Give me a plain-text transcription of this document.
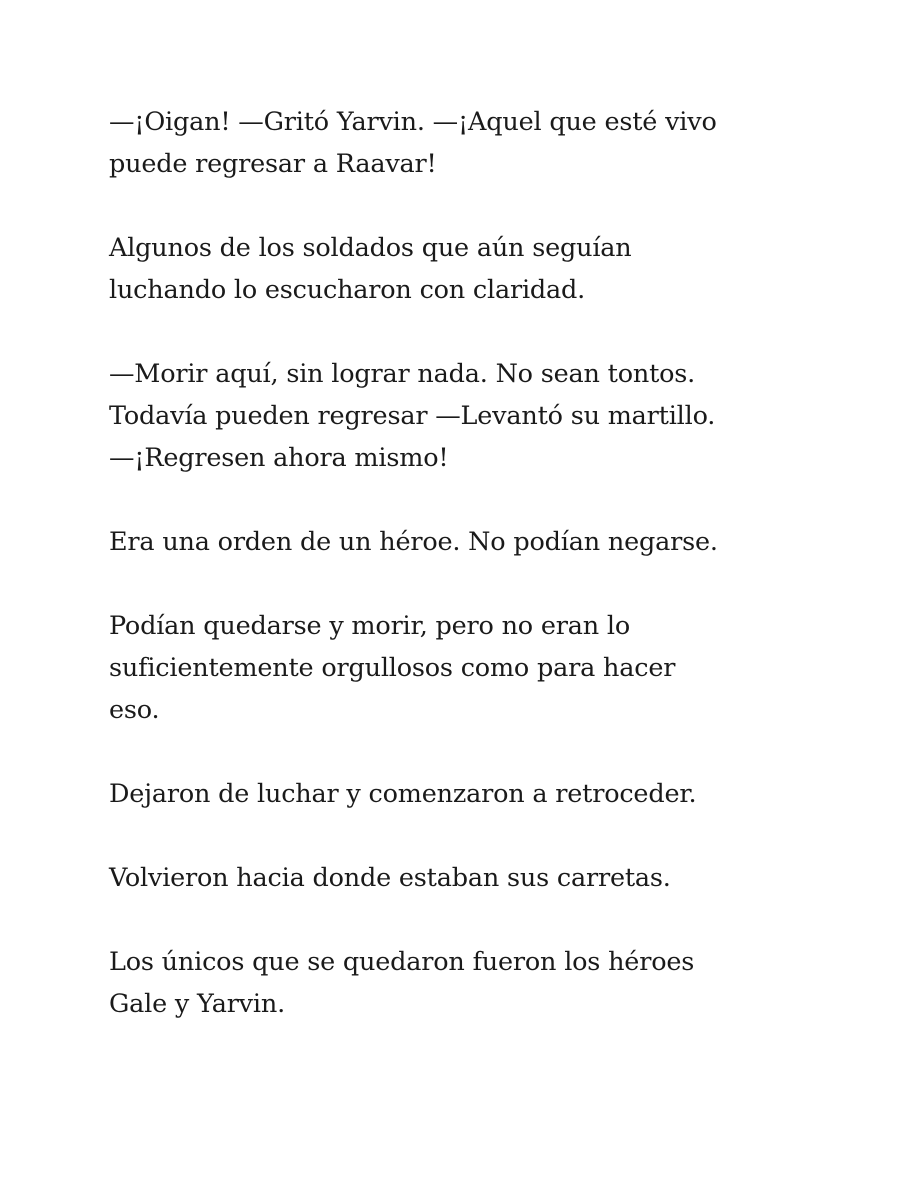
—¡Oigan! —Gritó Yarvin. —¡Aquel que esté vivo
puede regresar a Raavar!

Algunos de los soldados que aún seguían
luchando lo escucharon con claridad.

—Morir aquí, sin lograr nada. No sean tontos.
Todavía pueden regresar —Levantó su martillo.
—¡Regresen ahora mismo!

Era una orden de un héroe. No podían negarse.

Podían quedarse y morir, pero no eran lo
suficientemente orgullosos como para hacer
eso.

Dejaron de luchar y comenzaron a retroceder.

Volvieron hacia donde estaban sus carretas.

Los únicos que se quedaron fueron los héroes
Gale y Yarvin.
